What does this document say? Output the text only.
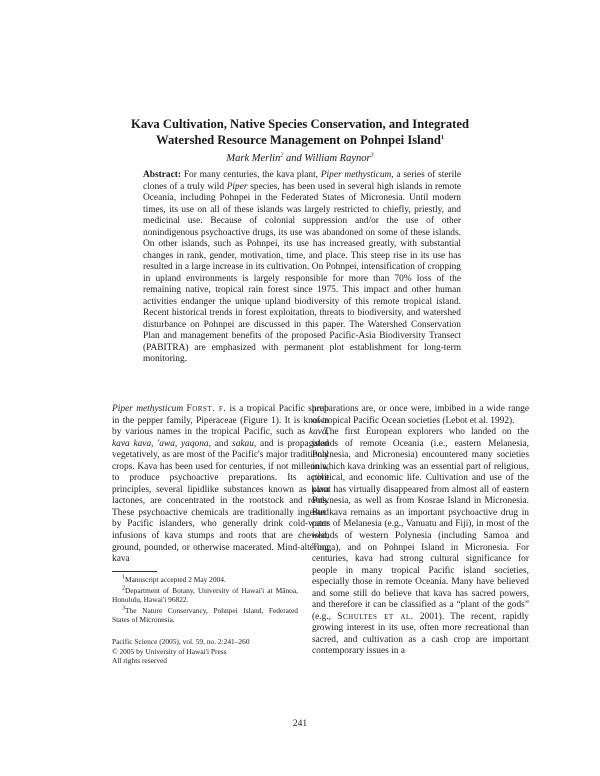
Kava Cultivation, Native Species Conservation, and Integrated
Watershed Resource Management on Pohnpei Island$^1$
Mark Merlin$^2$ and William Raynor$^3$
Abstract: For many centuries, the kava plant, Piper methysticum, a series of sterile clones of a truly wild Piper species, has been used in several high islands in remote Oceania, including Pohnpei in the Federated States of Micronesia. Until modern times, its use on all of these islands was largely restricted to chiefly, priestly, and medicinal use. Because of colonial suppression and/or the use of other nonindigenous psychoactive drugs, its use was abandoned on some of these islands. On other islands, such as Pohnpei, its use has increased greatly, with substantial changes in rank, gender, motivation, time, and place. This steep rise in its use has resulted in a large increase in its cultivation. On Pohnpei, intensification of cropping in upland environments is largely responsible for more than 70% loss of the remaining native, tropical rain forest since 1975. This impact and other human activities endanger the unique upland biodiversity of this remote tropical island. Recent historical trends in forest exploitation, threats to biodiversity, and watershed disturbance on Pohnpei are discussed in this paper. The Watershed Conservation Plan and management benefits of the proposed Pacific-Asia Biodiversity Transect (PABITRA) are emphasized with permanent plot establishment for long-term monitoring.

Piper methysticum Forst. f. is a tropical Pacific shrub in the pepper family, Piperaceae (Figure 1). It is known by various names in the tropical Pacific, such as kava, kava kava, 'awa, yaqona, and sakau, and is propagated vegetatively, as are most of the Pacific's major traditional crops. Kava has been used for centuries, if not millennia, to produce psychoactive preparations. Its active principles, several lipidlike substances known as kava lactones, are concentrated in the rootstock and roots. These psychoactive chemicals are traditionally ingested by Pacific islanders, who generally drink cold-water infusions of kava stumps and roots that are chewed, ground, pounded, or otherwise macerated. Mind-altering kava

$^1$Manuscript accepted 2 May 2004.

$^2$Department of Botany, University of Hawai'i at Mānoa, Honolulu, Hawai'i 96822.

$^3$The Nature Conservancy, Pohnpei Island, Federated States of Micronesia.

Pacific Science (2005), vol. 59, no. 2:241–260
© 2005 by University of Hawai'i Press
All rights reserved

preparations are, or once were, imbibed in a wide range of tropical Pacific Ocean societies (Lebot et al. 1992).

The first European explorers who landed on the islands of remote Oceania (i.e., eastern Melanesia, Polynesia, and Micronesia) encountered many societies in which kava drinking was an essential part of religious, political, and economic life. Cultivation and use of the plant has virtually disappeared from almost all of eastern Polynesia, as well as from Kosrae Island in Micronesia. But kava remains as an important psychoactive drug in parts of Melanesia (e.g., Vanuatu and Fiji), in most of the islands of western Polynesia (including Samoa and Tonga), and on Pohnpei Island in Micronesia. For centuries, kava had strong cultural significance for people in many tropical Pacific island societies, especially those in remote Oceania. Many have believed and some still do believe that kava has sacred powers, and therefore it can be classified as a “plant of the gods” (e.g., Schultes et al. 2001). The recent, rapidly growing interest in its use, often more recreational than sacred, and cultivation as a cash crop are important contemporary issues in a

241
